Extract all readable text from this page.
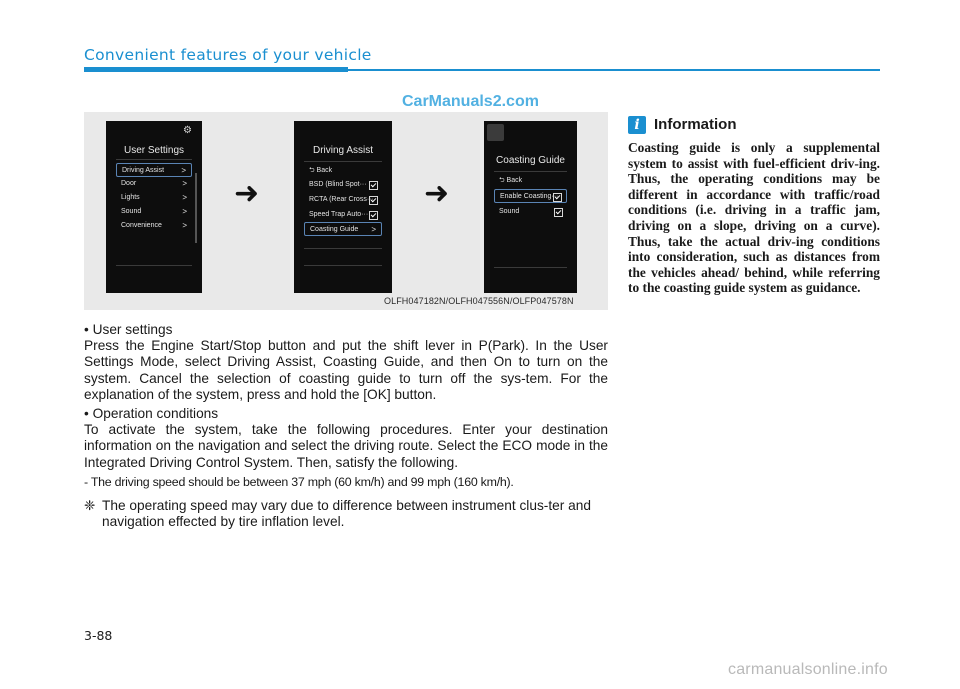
Convenient features of your vehicle
CarManuals2.com
⚙
User Settings
Driving Assist >
Door	>
Lights	>
Sound	>
Convenience	>
➜
Driving Assist
⮌ Back
BSD (Blind Spot···
RCTA (Rear Cross···
Speed Trap Auto···
Coasting Guide >
➜
Coasting Guide
⮌ Back
Enable Coasting···
Sound
OLFH047182N/OLFH047556N/OLFP047578N

• User settings

Press the Engine Start/Stop button and put the shift lever in P(Park). In the User Settings Mode, select Driving Assist, Coasting Guide, and then On to turn on the system. Cancel the selection of coasting guide to turn off the sys-tem. For the explanation of the system, press and hold the [OK] button.

• Operation conditions

To activate the system, take the following procedures. Enter your destination information on the navigation and select the driving route. Select the ECO mode in the Integrated Driving Control System. Then, satisfy the following.

- The driving speed should be between 37 mph (60 km/h) and 99 mph (160 km/h).

❈ The operating speed may vary due to difference between instrument clus-ter and navigation effected by tire inflation level.
i Information
Coasting guide is only a supplemental system to assist with fuel-efficient driv-ing. Thus, the operating conditions may be different in accordance with traffic/road conditions (i.e. driving in a traffic jam, driving on a slope, driving on a curve). Thus, take the actual driv-ing conditions into consideration, such as distances from the vehicles ahead/ behind, while referring to the coasting guide system as guidance.
3-88
carmanualsonline.info
